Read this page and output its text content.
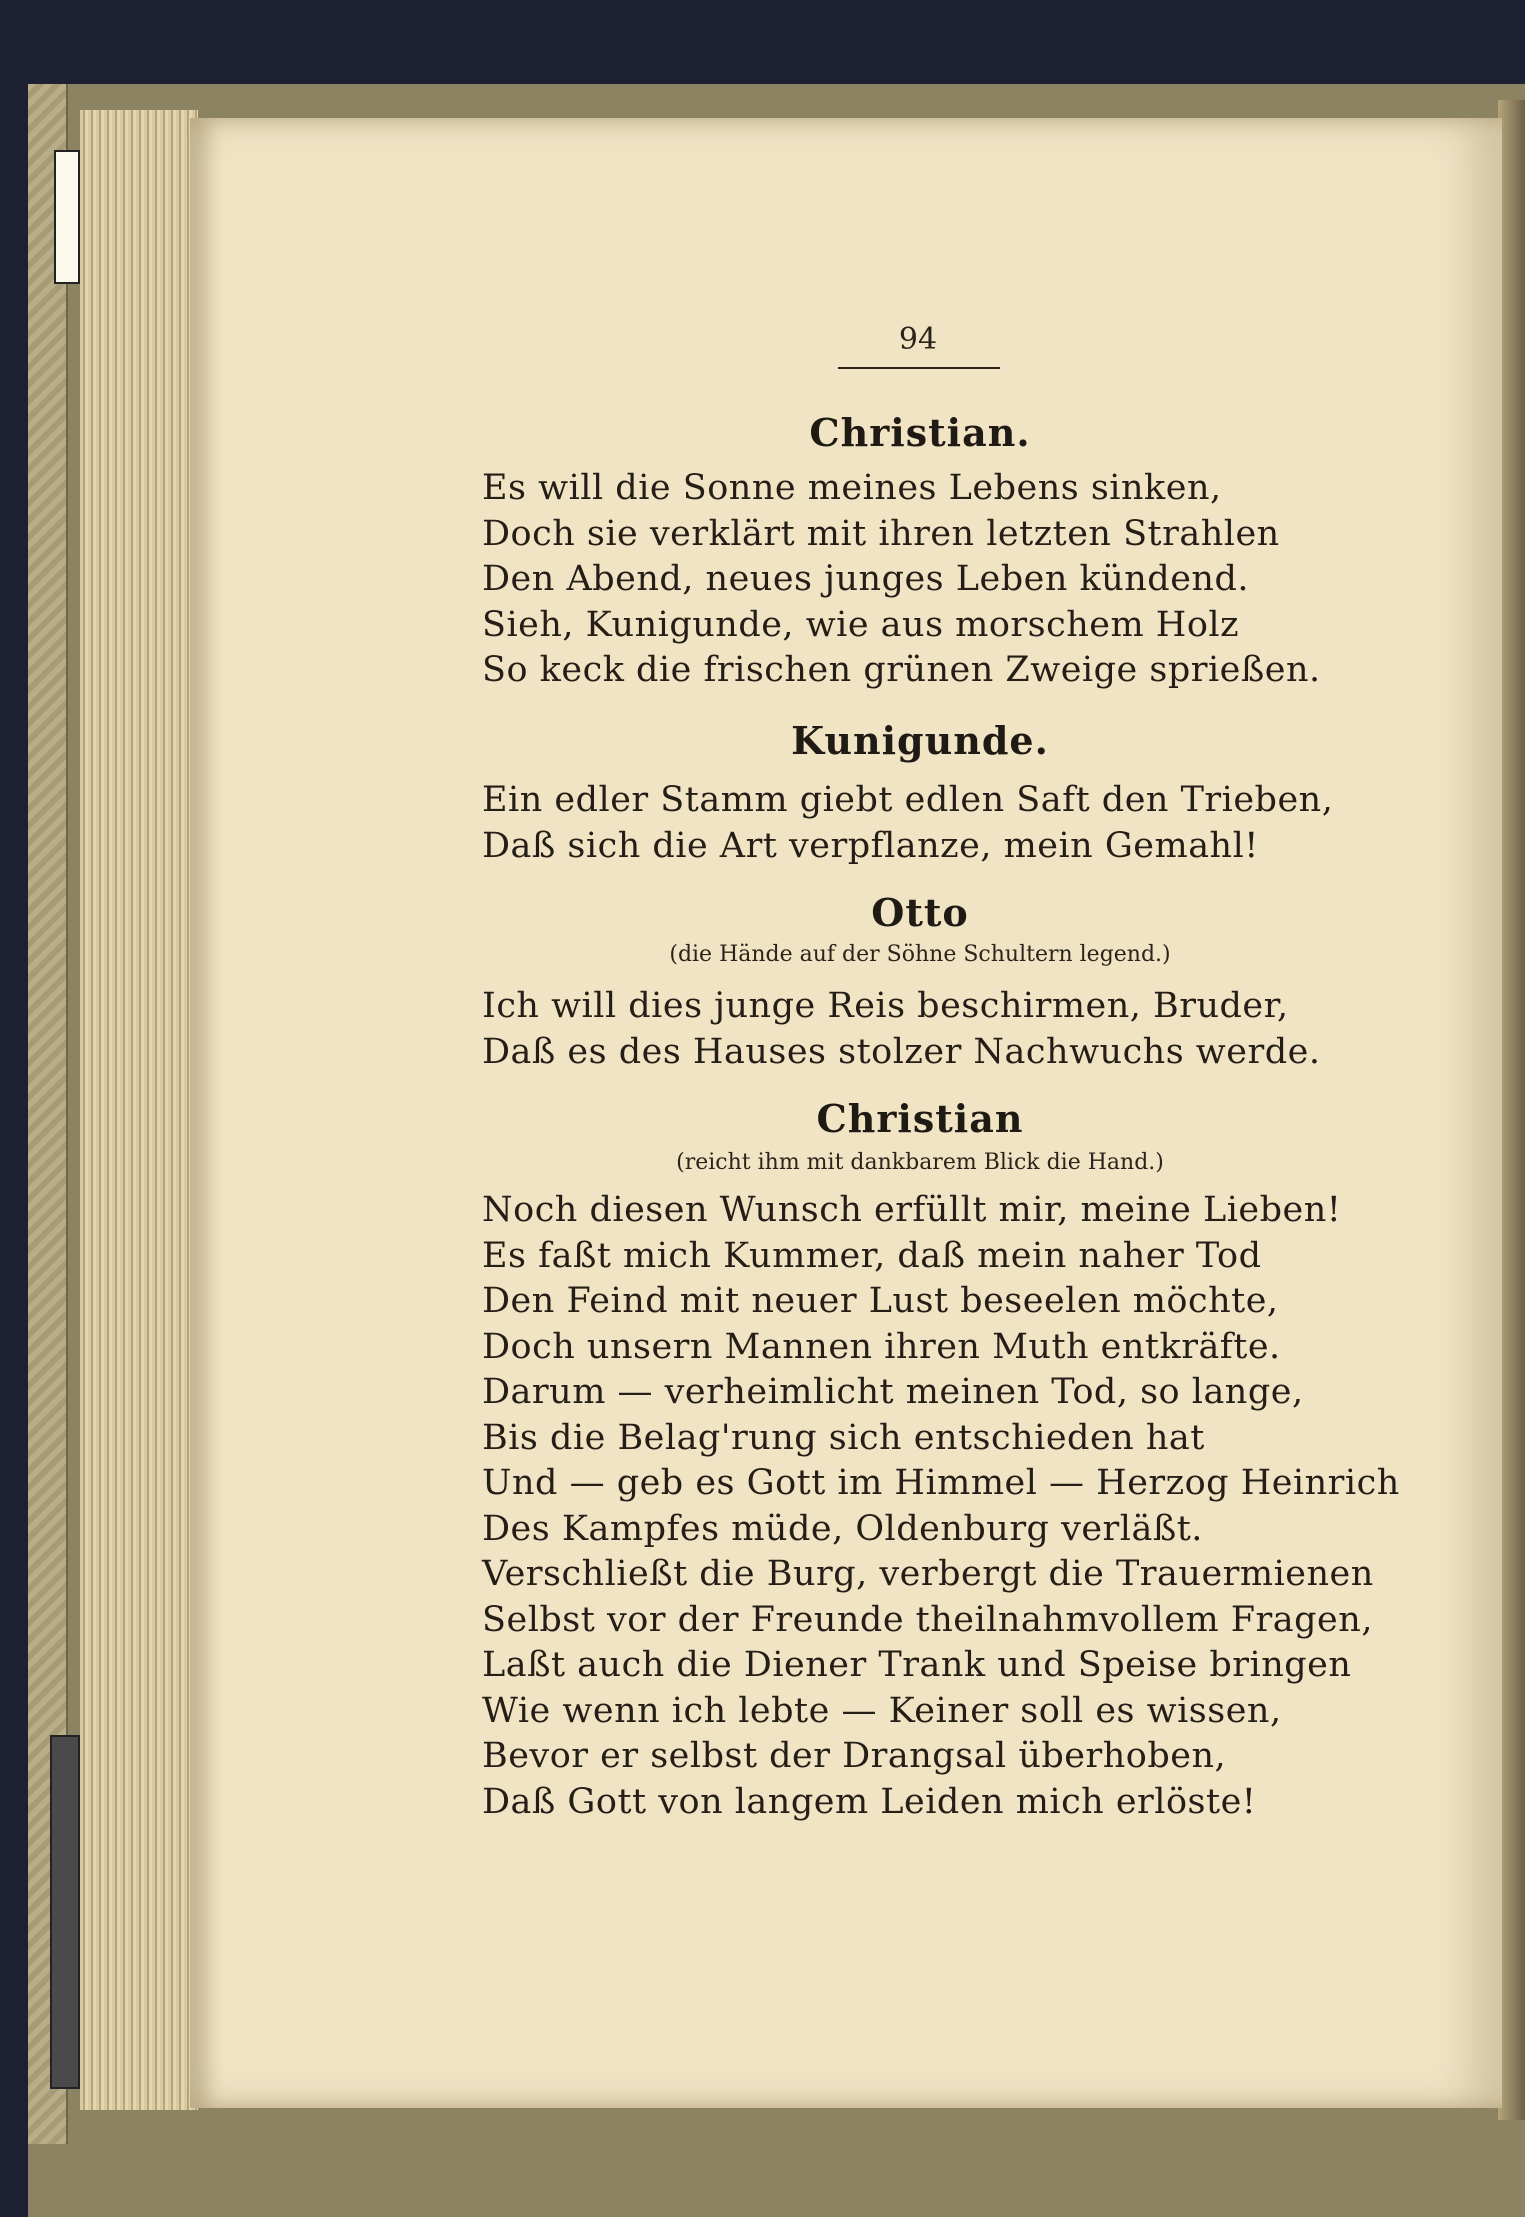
94
Christian.
Es will die Sonne meines Lebens sinken,
Doch sie verklärt mit ihren letzten Strahlen
Den Abend, neues junges Leben kündend.
Sieh, Kunigunde, wie aus morschem Holz
So keck die frischen grünen Zweige sprießen.
Kunigunde.
Ein edler Stamm giebt edlen Saft den Trieben,
Daß sich die Art verpflanze, mein Gemahl!
Otto
(die Hände auf der Söhne Schultern legend.)
Ich will dies junge Reis beschirmen, Bruder,
Daß es des Hauses stolzer Nachwuchs werde.
Christian
(reicht ihm mit dankbarem Blick die Hand.)
Noch diesen Wunsch erfüllt mir, meine Lieben!
Es faßt mich Kummer, daß mein naher Tod
Den Feind mit neuer Lust beseelen möchte,
Doch unsern Mannen ihren Muth entkräfte.
Darum — verheimlicht meinen Tod, so lange,
Bis die Belag'rung sich entschieden hat
Und — geb es Gott im Himmel — Herzog Heinrich
Des Kampfes müde, Oldenburg verläßt.
Verschließt die Burg, verbergt die Trauermienen
Selbst vor der Freunde theilnahmvollem Fragen,
Laßt auch die Diener Trank und Speise bringen
Wie wenn ich lebte — Keiner soll es wissen,
Bevor er selbst der Drangsal überhoben,
Daß Gott von langem Leiden mich erlöste!
